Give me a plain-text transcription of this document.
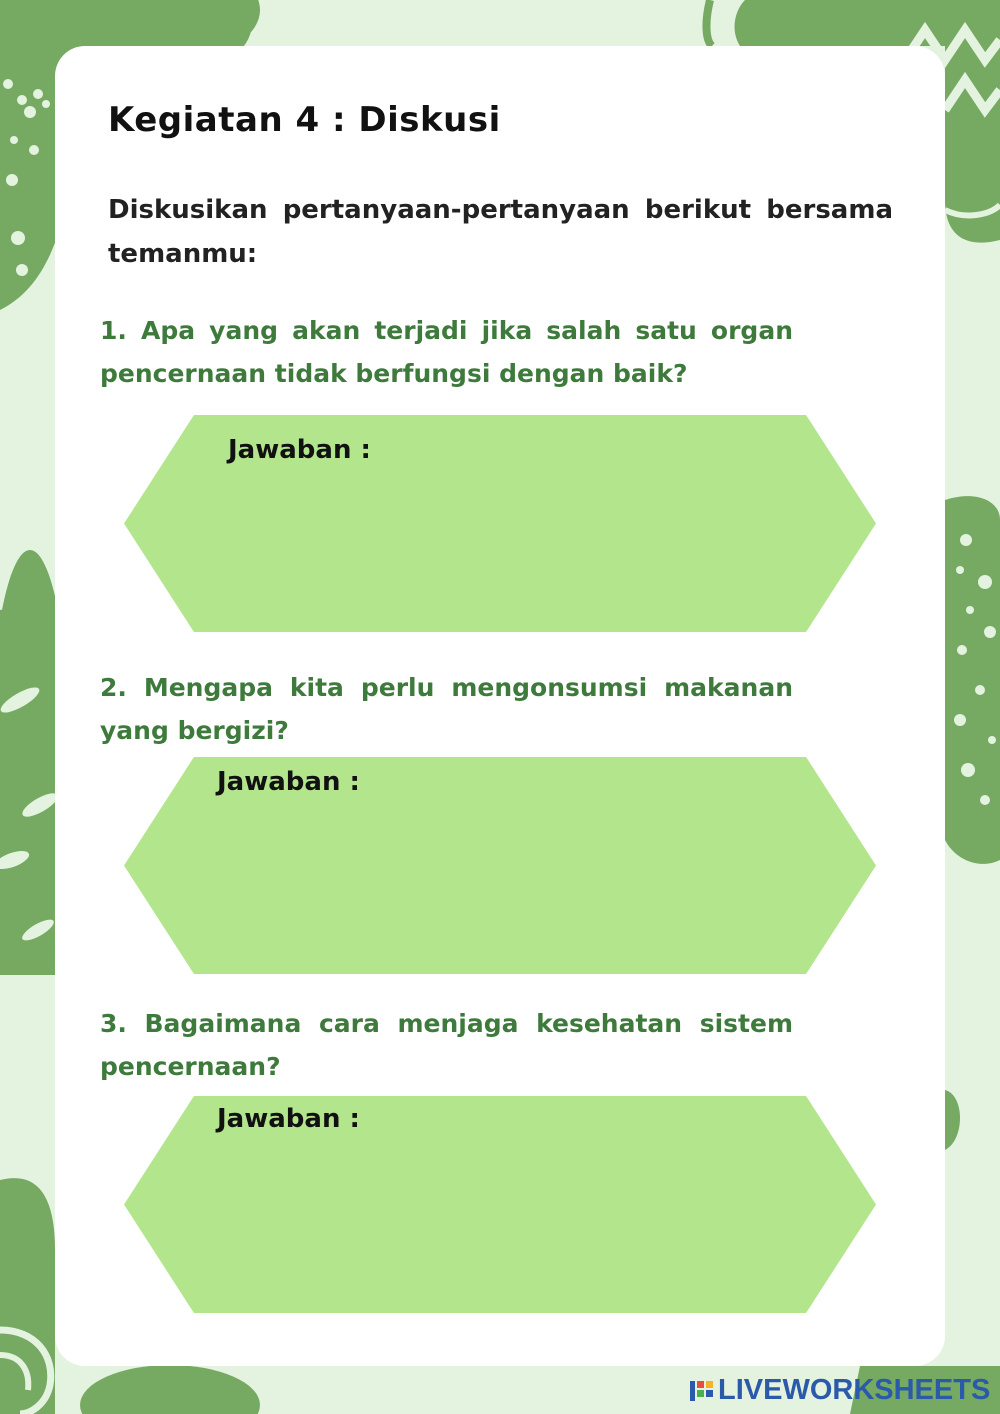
Kegiatan 4 : Diskusi
Diskusikan pertanyaan-pertanyaan berikut bersama temanmu:
1. Apa yang akan terjadi jika salah satu organ pencernaan tidak berfungsi dengan baik?
Jawaban :
2. Mengapa kita perlu mengonsumsi makanan yang bergizi?
Jawaban :
3. Bagaimana cara menjaga kesehatan sistem pencernaan?
Jawaban :
LIVEWORKSHEETS
